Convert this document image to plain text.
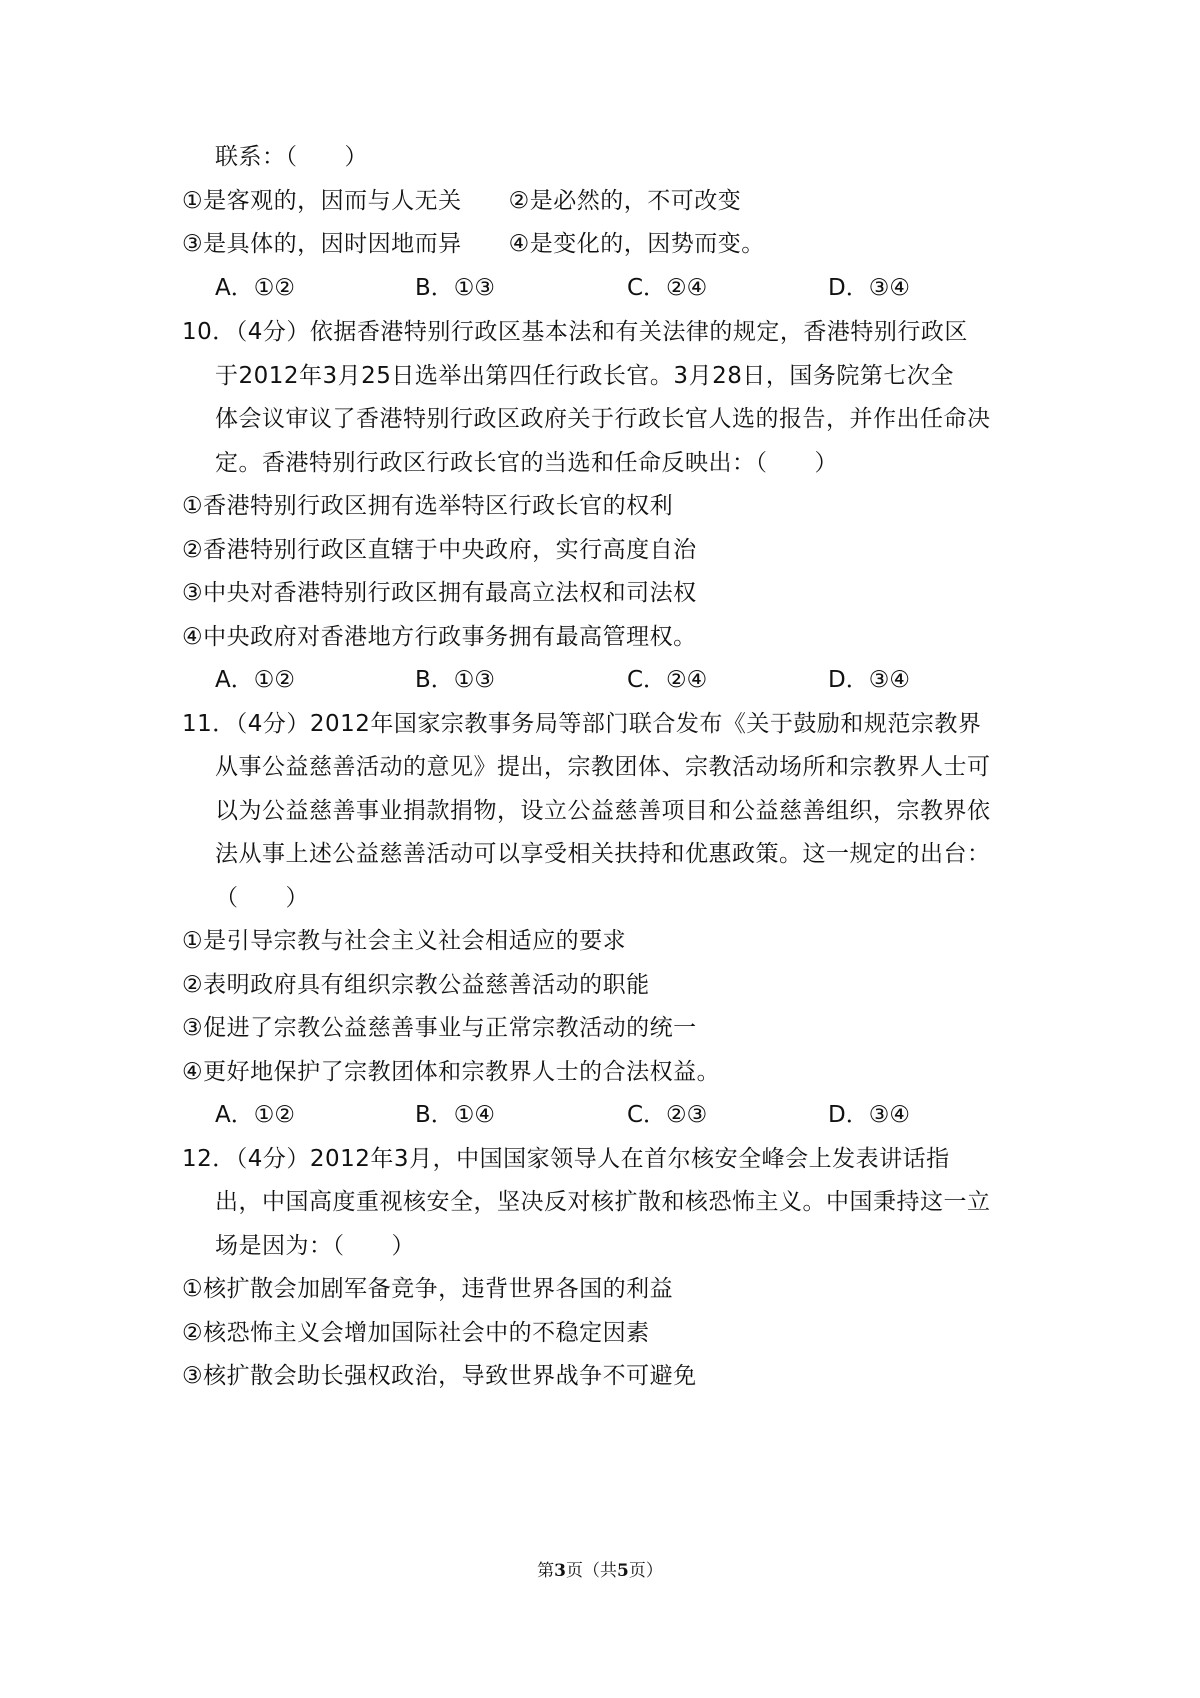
联系：（　　）
①是客观的，因而与人无关　　②是必然的，不可改变
③是具体的，因时因地而异　　④是变化的，因势而变。
A．①②	B．①③	C．②④	D．③④
10．（4分）依据香港特别行政区基本法和有关法律的规定，香港特别行政区
于2012年3月25日选举出第四任行政长官。3月28日，国务院第七次全
体会议审议了香港特别行政区政府关于行政长官人选的报告，并作出任命决
定。香港特别行政区行政长官的当选和任命反映出：（　　）
①香港特别行政区拥有选举特区行政长官的权利
②香港特别行政区直辖于中央政府，实行高度自治
③中央对香港特别行政区拥有最高立法权和司法权
④中央政府对香港地方行政事务拥有最高管理权。
A．①②	B．①③	C．②④	D．③④
11．（4分）2012年国家宗教事务局等部门联合发布《关于鼓励和规范宗教界
从事公益慈善活动的意见》提出，宗教团体、宗教活动场所和宗教界人士可
以为公益慈善事业捐款捐物，设立公益慈善项目和公益慈善组织，宗教界依
法从事上述公益慈善活动可以享受相关扶持和优惠政策。这一规定的出台：
（　　）
①是引导宗教与社会主义社会相适应的要求
②表明政府具有组织宗教公益慈善活动的职能
③促进了宗教公益慈善事业与正常宗教活动的统一
④更好地保护了宗教团体和宗教界人士的合法权益。
A．①②	B．①④	C．②③	D．③④
12．（4分）2012年3月，中国国家领导人在首尔核安全峰会上发表讲话指
出，中国高度重视核安全，坚决反对核扩散和核恐怖主义。中国秉持这一立
场是因为：（　　）
①核扩散会加剧军备竞争，违背世界各国的利益
②核恐怖主义会增加国际社会中的不稳定因素
③核扩散会助长强权政治，导致世界战争不可避免
第3页（共5页）
